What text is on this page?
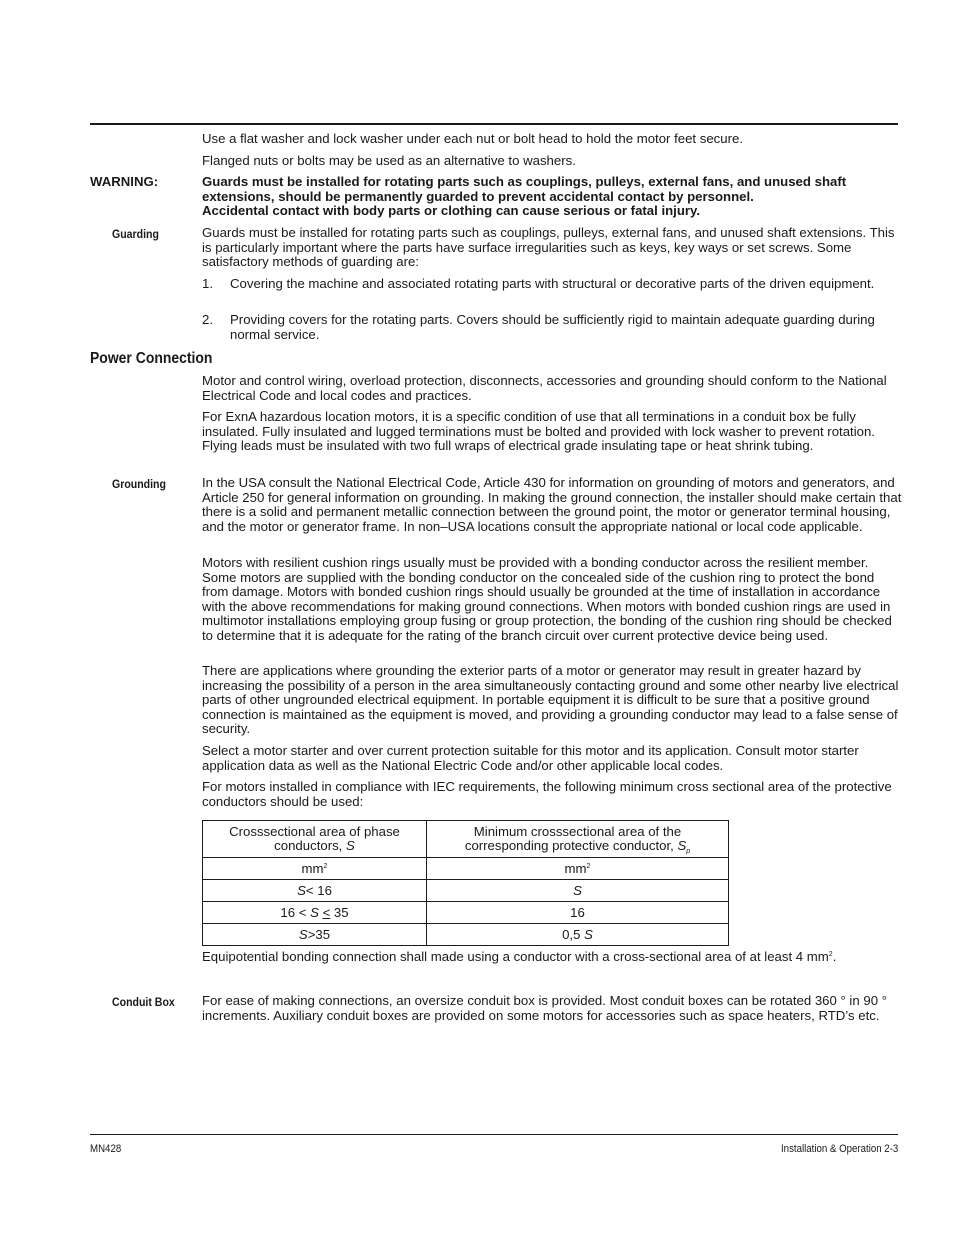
Use a flat washer and lock washer under each nut or bolt head to hold the motor feet secure.

Flanged nuts or bolts may be used as an alternative to washers.

WARNING:	Guards must be installed for rotating parts such as couplings, pulleys, external fans, and unused shaft extensions, should be permanently guarded to prevent accidental contact by personnel.
Accidental contact with body parts or clothing can cause serious or fatal injury.

Guarding	Guards must be installed for rotating parts such as couplings, pulleys, external fans, and unused shaft extensions. This is particularly important where the parts have surface irregularities such as keys, key ways or set screws. Some satisfactory methods of guarding are:

1. Covering the machine and associated rotating parts with structural or decorative parts of the driven equipment.

2. Providing covers for the rotating parts. Covers should be sufficiently rigid to maintain adequate guarding during normal service.

Power Connection

Motor and control wiring, overload protection, disconnects, accessories and grounding should conform to the National Electrical Code and local codes and practices.

For ExnA hazardous location motors, it is a specific condition of use that all terminations in a conduit box be fully insulated. Fully insulated and lugged terminations must be bolted and provided with lock washer to prevent rotation. Flying leads must be insulated with two full wraps of electrical grade insulating tape or heat shrink tubing.

Grounding	In the USA consult the National Electrical Code, Article 430 for information on grounding of motors and generators, and Article 250 for general information on grounding. In making the ground connection, the installer should make certain that there is a solid and permanent metallic connection between the ground point, the motor or generator terminal housing, and the motor or generator frame. In non–USA locations consult the appropriate national or local code applicable.

Motors with resilient cushion rings usually must be provided with a bonding conductor across the resilient member. Some motors are supplied with the bonding conductor on the concealed side of the cushion ring to protect the bond from damage. Motors with bonded cushion rings should usually be grounded at the time of installation in accordance with the above recommendations for making ground connections. When motors with bonded cushion rings are used in multimotor installations employing group fusing or group protection, the bonding of the cushion ring should be checked to determine that it is adequate for the rating of the branch circuit over current protective device being used.

There are applications where grounding the exterior parts of a motor or generator may result in greater hazard by increasing the possibility of a person in the area simultaneously contacting ground and some other nearby live electrical parts of other ungrounded electrical equipment. In portable equipment it is difficult to be sure that a positive ground connection is maintained as the equipment is moved, and providing a grounding conductor may lead to a false sense of security.

Select a motor starter and over current protection suitable for this motor and its application. Consult motor starter application data as well as the National Electric Code and/or other applicable local codes.

For motors installed in compliance with IEC requirements, the following minimum cross sectional area of the protective conductors should be used:

Crosssectional area of phase conductors, S	Minimum crosssectional area of the corresponding protective conductor, $S_p$
$mm^2$	$mm^2$
S< 16	S
16 < S < 35	16
S>35	0,5 S

Equipotential bonding connection shall made using a conductor with a cross-sectional area of at least 4 $mm^2$.

Conduit Box For ease of making connections, an oversize conduit box is provided. Most conduit boxes can be rotated 360 ° in 90 ° increments. Auxiliary conduit boxes are provided on some motors for accessories such as space heaters, RTD’s etc.

MN428	Installation & Operation 2-3
